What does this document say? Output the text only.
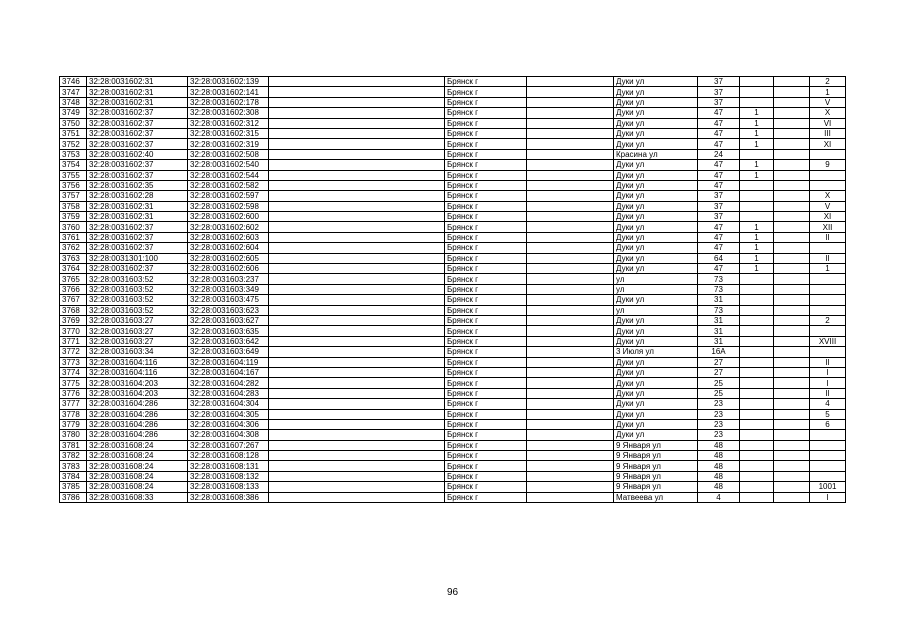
3746	32:28:0031602:31	32:28:0031602:139		Брянск г		Дуки ул	37			2
3747	32:28:0031602:31	32:28:0031602:141		Брянск г		Дуки ул	37			1
3748	32:28:0031602:31	32:28:0031602:178		Брянск г		Дуки ул	37			V
3749	32:28:0031602:37	32:28:0031602:308		Брянск г		Дуки ул	47	1		X
3750	32:28:0031602:37	32:28:0031602:312		Брянск г		Дуки ул	47	1		VI
3751	32:28:0031602:37	32:28:0031602:315		Брянск г		Дуки ул	47	1		III
3752	32:28:0031602:37	32:28:0031602:319		Брянск г		Дуки ул	47	1		XI
3753	32:28:0031602:40	32:28:0031602:508		Брянск г		Красина ул	24			
3754	32:28:0031602:37	32:28:0031602:540		Брянск г		Дуки ул	47	1		9
3755	32:28:0031602:37	32:28:0031602:544		Брянск г		Дуки ул	47	1		
3756	32:28:0031602:35	32:28:0031602:582		Брянск г		Дуки ул	47			
3757	32:28:0031602:28	32:28:0031602:597		Брянск г		Дуки ул	37			X
3758	32:28:0031602:31	32:28:0031602:598		Брянск г		Дуки ул	37			V
3759	32:28:0031602:31	32:28:0031602:600		Брянск г		Дуки ул	37			XI
3760	32:28:0031602:37	32:28:0031602:602		Брянск г		Дуки ул	47	1		XII
3761	32:28:0031602:37	32:28:0031602:603		Брянск г		Дуки ул	47	1		II
3762	32:28:0031602:37	32:28:0031602:604		Брянск г		Дуки ул	47	1		
3763	32:28:0031301:100	32:28:0031602:605		Брянск г		Дуки ул	64	1		II
3764	32:28:0031602:37	32:28:0031602:606		Брянск г		Дуки ул	47	1		1
3765	32:28:0031603:52	32:28:0031603:237		Брянск г		ул	73			
3766	32:28:0031603:52	32:28:0031603:349		Брянск г		ул	73			
3767	32:28:0031603:52	32:28:0031603:475		Брянск г		Дуки ул	31			
3768	32:28:0031603:52	32:28:0031603:623		Брянск г		ул	73			
3769	32:28:0031603:27	32:28:0031603:627		Брянск г		Дуки ул	31			2
3770	32:28:0031603:27	32:28:0031603:635		Брянск г		Дуки ул	31			
3771	32:28:0031603:27	32:28:0031603:642		Брянск г		Дуки ул	31			XVIII
3772	32:28:0031603:34	32:28:0031603:649		Брянск г		3 Июля ул	16А			
3773	32:28:0031604:116	32:28:0031604:119		Брянск г		Дуки ул	27			II
3774	32:28:0031604:116	32:28:0031604:167		Брянск г		Дуки ул	27			I
3775	32:28:0031604:203	32:28:0031604:282		Брянск г		Дуки ул	25			I
3776	32:28:0031604:203	32:28:0031604:283		Брянск г		Дуки ул	25			II
3777	32:28:0031604:286	32:28:0031604:304		Брянск г		Дуки ул	23			4
3778	32:28:0031604:286	32:28:0031604:305		Брянск г		Дуки ул	23			5
3779	32:28:0031604:286	32:28:0031604:306		Брянск г		Дуки ул	23			6
3780	32:28:0031604:286	32:28:0031604:308		Брянск г		Дуки ул	23			
3781	32:28:0031608:24	32:28:0031607:267		Брянск г		9 Января ул	48			
3782	32:28:0031608:24	32:28:0031608:128		Брянск г		9 Января ул	48			
3783	32:28:0031608:24	32:28:0031608:131		Брянск г		9 Января ул	48			
3784	32:28:0031608:24	32:28:0031608:132		Брянск г		9 Января ул	48			
3785	32:28:0031608:24	32:28:0031608:133		Брянск г		9 Января ул	48			1001
3786	32:28:0031608:33	32:28:0031608:386		Брянск г		Матвеева ул	4			I
96
